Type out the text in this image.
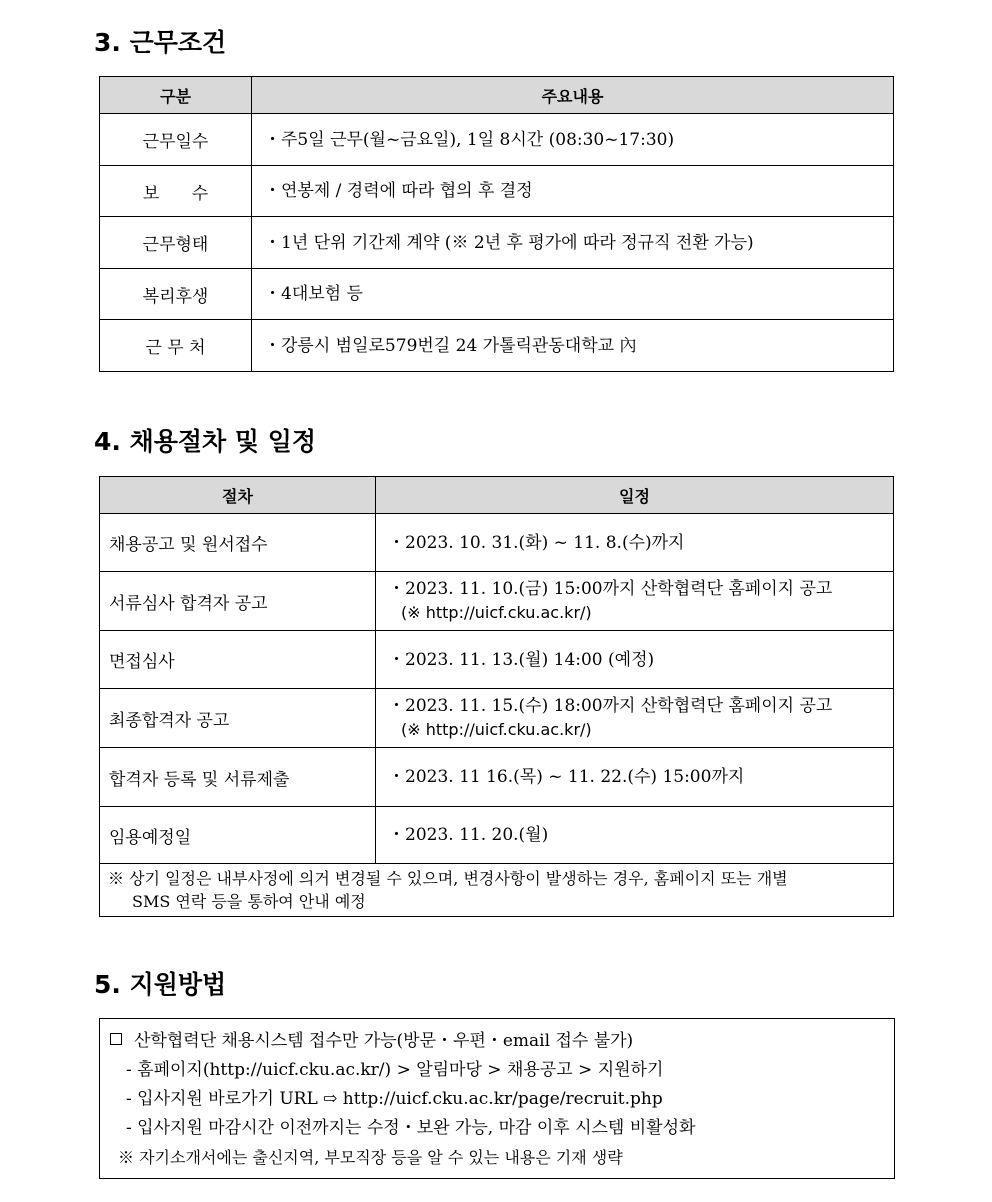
3. 근무조건
구분	주요내용
근무일수	・주5일 근무(월~금요일), 1일 8시간 (08:30~17:30)
보      수	・연봉제 / 경력에 따라 협의 후 결정
근무형태	・1년 단위 기간제 계약 (※ 2년 후 평가에 따라 정규직 전환 가능)
복리후생	・4대보험 등
근 무 처	・강릉시 범일로579번길 24 가톨릭관동대학교 內
4. 채용절차 및 일정
절차	일정
채용공고 및 원서접수	・2023. 10. 31.(화) ~ 11. 8.(수)까지
서류심사 합격자 공고	・2023. 11. 10.(금) 15:00까지 산학협력단 홈페이지 공고
(※ http://uicf.cku.ac.kr/)

면접심사	・2023. 11. 13.(월) 14:00 (예정)
최종합격자 공고	・2023. 11. 15.(수) 18:00까지 산학협력단 홈페이지 공고
(※ http://uicf.cku.ac.kr/)

합격자 등록 및 서류제출	・2023. 11 16.(목) ~ 11. 22.(수) 15:00까지
임용예정일	・2023. 11. 20.(월)

※ 상기 일정은 내부사정에 의거 변경될 수 있으며, 변경사항이 발생하는 경우, 홈페이지 또는 개별
SMS 연락 등을 통하여 안내 예정	
5. 지원방법
산학협력단 채용시스템 접수만 가능(방문・우편・email 접수 불가)
- 홈페이지(http://uicf.cku.ac.kr/) > 알림마당 > 채용공고 > 지원하기
- 입사지원 바로가기 URL ⇨ http://uicf.cku.ac.kr/page/recruit.php
- 입사지원 마감시간 이전까지는 수정・보완 가능, 마감 이후 시스템 비활성화
※ 자기소개서에는 출신지역, 부모직장 등을 알 수 있는 내용은 기재 생략
